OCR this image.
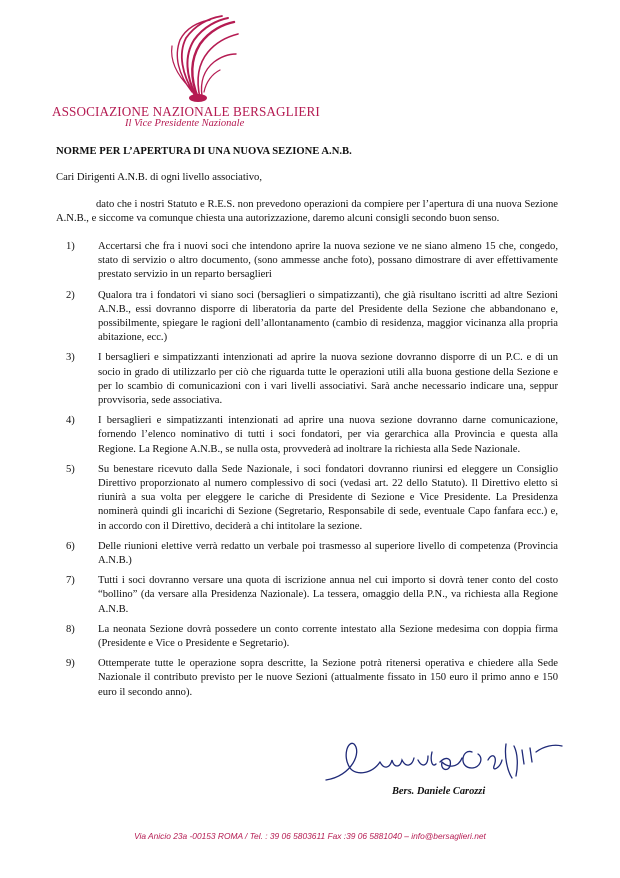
ASSOCIAZIONE NAZIONALE BERSAGLIERI
Il Vice Presidente Nazionale
NORME PER L’APERTURA DI UNA NUOVA SEZIONE A.N.B.
Cari Dirigenti A.N.B. di ogni livello associativo,

dato che i nostri Statuto e R.E.S. non prevedono operazioni da compiere per l’apertura di una nuova Sezione A.N.B., e siccome va comunque chiesta una autorizzazione, daremo alcuni consigli secondo buon senso.

1) Accertarsi che fra i nuovi soci che intendono aprire la nuova sezione ve ne siano almeno 15 che, congedo, stato di servizio o altro documento, (sono ammesse anche foto), possano dimostrare di aver effettivamente prestato servizio in un reparto bersaglieri
2) Qualora tra i fondatori vi siano soci (bersaglieri o simpatizzanti), che già risultano iscritti ad altre Sezioni A.N.B., essi dovranno disporre di liberatoria da parte del Presidente della Sezione che abbandonano e, possibilmente, spiegare le ragioni dell’allontanamento (cambio di residenza, maggior vicinanza alla propria abitazione, ecc.)
3) I bersaglieri e simpatizzanti intenzionati ad aprire la nuova sezione dovranno disporre di un P.C. e di un socio in grado di utilizzarlo per ciò che riguarda tutte le operazioni utili alla buona gestione della Sezione e per lo scambio di comunicazioni con i vari livelli associativi. Sarà anche necessario indicare una, seppur provvisoria, sede associativa.
4) I bersaglieri e simpatizzanti intenzionati ad aprire una nuova sezione dovranno darne comunicazione, fornendo l’elenco nominativo di tutti i soci fondatori, per via gerarchica alla Provincia e questa alla Regione. La Regione A.N.B., se nulla osta, provvederà ad inoltrare la richiesta alla Sede Nazionale.
5) Su benestare ricevuto dalla Sede Nazionale, i soci fondatori dovranno riunirsi ed eleggere un Consiglio Direttivo proporzionato al numero complessivo di soci (vedasi art. 22 dello Statuto). Il Direttivo eletto si riunirà a sua volta per eleggere le cariche di Presidente di Sezione e Vice Presidente. La Presidenza nominerà quindi gli incarichi di Sezione (Segretario, Responsabile di sede, eventuale Capo fanfara ecc.) e, in accordo con il Direttivo, deciderà a chi intitolare la sezione.
6) Delle riunioni elettive verrà redatto un verbale poi trasmesso al superiore livello di competenza (Provincia A.N.B.)
7) Tutti i soci dovranno versare una quota di iscrizione annua nel cui importo si dovrà tener conto del costo “bollino” (da versare alla Presidenza Nazionale). La tessera, omaggio della P.N., va richiesta alla Regione A.N.B.
8) La neonata Sezione dovrà possedere un conto corrente intestato alla Sezione medesima con doppia firma (Presidente e Vice o Presidente e Segretario).
9) Ottemperate tutte le operazione sopra descritte, la Sezione potrà ritenersi operativa e chiedere alla Sede Nazionale il contributo previsto per le nuove Sezioni (attualmente fissato in 150 euro il primo anno e 150 euro il secondo anno).
Bers. Daniele Carozzi
Via Anicio 23a -00153 ROMA / Tel. : 39 06 5803611 Fax :39 06 5881040 – info@bersaglieri.net
